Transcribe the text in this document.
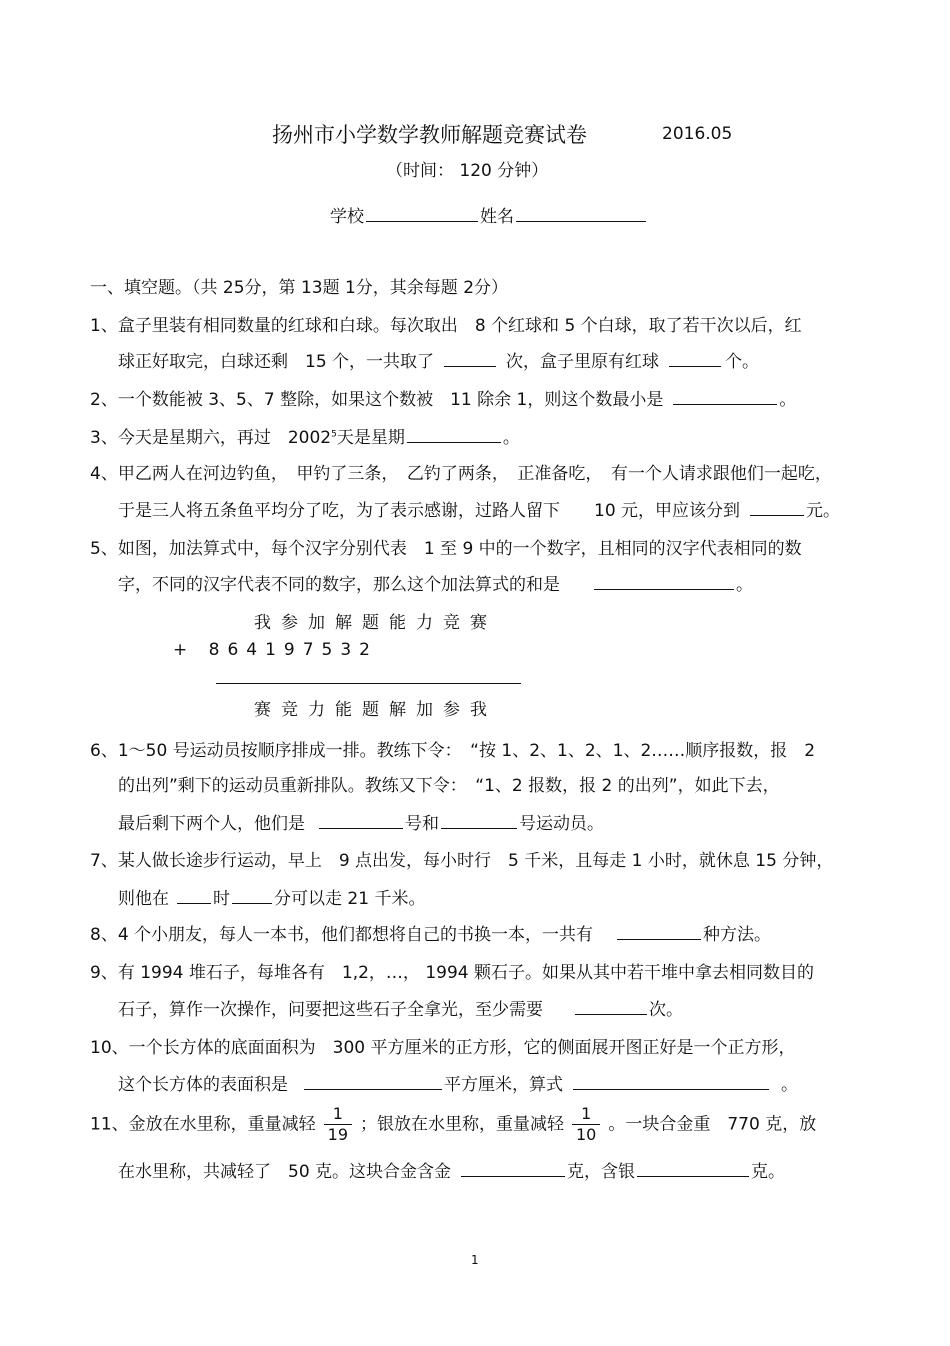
扬州市小学数学教师解题竞赛试卷	2016.05
（时间： 120 分钟）
学校	姓名
一、填空题。（共 25分，第 13题 1分，其余每题 2分）
1、盒子里装有相同数量的红球和白球。每次取出　8 个红球和 5 个白球，取了若干次以后，红
球正好取完，白球还剩　15 个，一共取了	次，盒子里原有红球	个。
2、一个数能被 3、5、7 整除，如果这个数被　11 除余 1，则这个数最小是	。
3、今天是星期六，再过　2002$^5$天是星期	。
4、甲乙两人在河边钓鱼，　甲钓了三条，　乙钓了两条，　正准备吃，　有一个人请求跟他们一起吃，
于是三人将五条鱼平均分了吃，为了表示感谢，过路人留下　　10 元，甲应该分到	元。
5、如图，加法算式中，每个汉字分别代表　1 至 9 中的一个数字，且相同的汉字代表相同的数
字，不同的汉字代表不同的数字，那么这个加法算式的和是	。
我参加解题能力竞赛
+ 864197532
赛竞力能题解加参我
6、1～50 号运动员按顺序排成一排。教练下令：　“按 1、2、1、2、1、2……顺序报数，报　2
的出列”剩下的运动员重新排队。教练又下令：　“1、2 报数，报 2 的出列”，如此下去，
最后剩下两个人，他们是	号和	号运动员。
7、某人做长途步行运动，早上　9 点出发，每小时行　5 千米，且每走 1 小时，就休息 15 分钟，
则他在	时	分可以走 21 千米。
8、4 个小朋友，每人一本书，他们都想将自己的书换一本，一共有	种方法。
9、有 1994 堆石子，每堆各有　1,2，…， 1994 颗石子。如果从其中若干堆中拿去相同数目的
石子，算作一次操作，问要把这些石子全拿光，至少需要	次。
10、一个长方体的底面面积为　300 平方厘米的正方形，它的侧面展开图正好是一个正方形，
这个长方体的表面积是	平方厘米，算式	。
11、金放在水里称，重量减轻 $\frac{1}{19}$ ；银放在水里称，重量减轻 $\frac{1}{10}$ 。一块合金重　770 克，放
在水里称，共减轻了　50 克。这块合金含金	克，含银	克。
1
